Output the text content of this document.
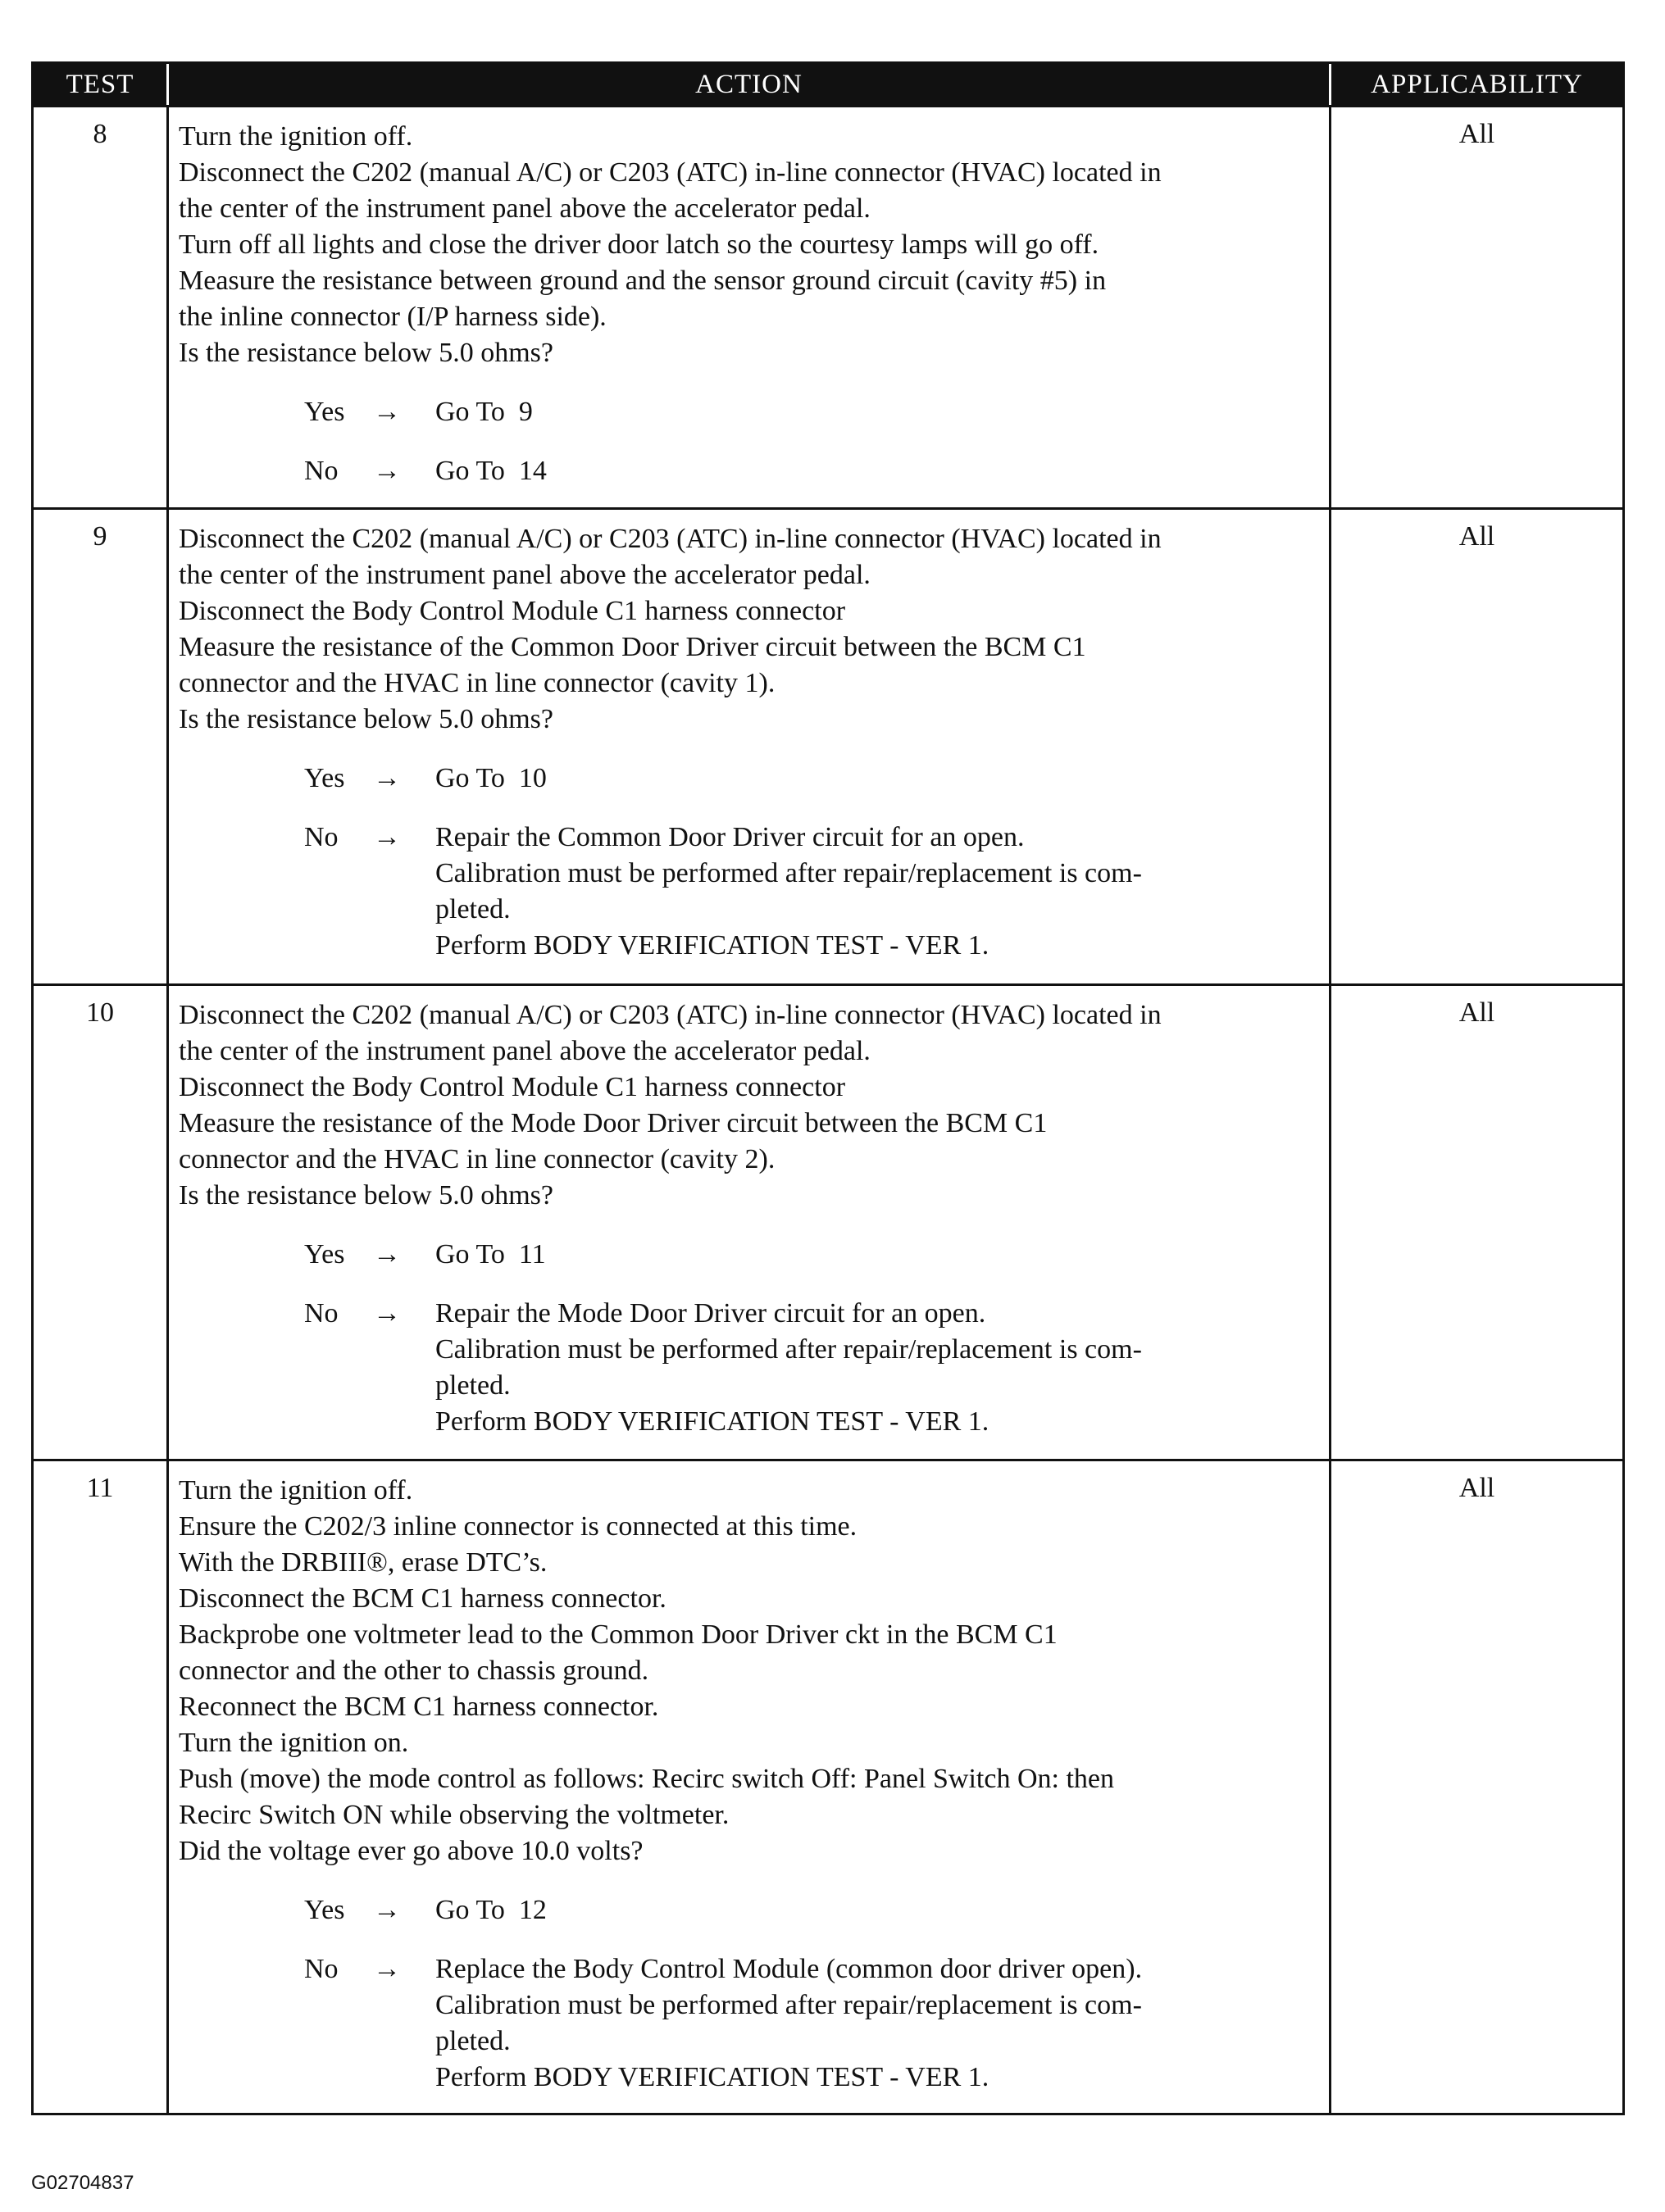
TEST	ACTION	APPLICABILITY
8	Turn the ignition off.
Disconnect the C202 (manual A/C) or C203 (ATC) in-line connector (HVAC) located in
the center of the instrument panel above the accelerator pedal.
Turn off all lights and close the driver door latch so the courtesy lamps will go off.
Measure the resistance between ground and the sensor ground circuit (cavity #5) in
the inline connector (I/P harness side).
Is the resistance below 5.0 ohms?
Yes	→	Go To  9
No	→	Go To  14
All
9	Disconnect the C202 (manual A/C) or C203 (ATC) in-line connector (HVAC) located in
the center of the instrument panel above the accelerator pedal.
Disconnect the Body Control Module C1 harness connector
Measure the resistance of the Common Door Driver circuit between the BCM C1
connector and the HVAC in line connector (cavity 1).
Is the resistance below 5.0 ohms?
Yes	→	Go To  10
No	→	Repair the Common Door Driver circuit for an open.
Calibration must be performed after repair/replacement is com-
pleted.
Perform BODY VERIFICATION TEST - VER 1.
All
10	Disconnect the C202 (manual A/C) or C203 (ATC) in-line connector (HVAC) located in
the center of the instrument panel above the accelerator pedal.
Disconnect the Body Control Module C1 harness connector
Measure the resistance of the Mode Door Driver circuit between the BCM C1
connector and the HVAC in line connector (cavity 2).
Is the resistance below 5.0 ohms?
Yes	→	Go To  11
No	→	Repair the Mode Door Driver circuit for an open.
Calibration must be performed after repair/replacement is com-
pleted.
Perform BODY VERIFICATION TEST - VER 1.
All
11	Turn the ignition off.
Ensure the C202/3 inline connector is connected at this time.
With the DRBIII®, erase DTC’s.
Disconnect the BCM C1 harness connector.
Backprobe one voltmeter lead to the Common Door Driver ckt in the BCM C1
connector and the other to chassis ground.
Reconnect the BCM C1 harness connector.
Turn the ignition on.
Push (move) the mode control as follows: Recirc switch Off: Panel Switch On: then
Recirc Switch ON while observing the voltmeter.
Did the voltage ever go above 10.0 volts?
Yes	→	Go To  12
No	→	Replace the Body Control Module (common door driver open).
Calibration must be performed after repair/replacement is com-
pleted.
Perform BODY VERIFICATION TEST - VER 1.
All
G02704837
